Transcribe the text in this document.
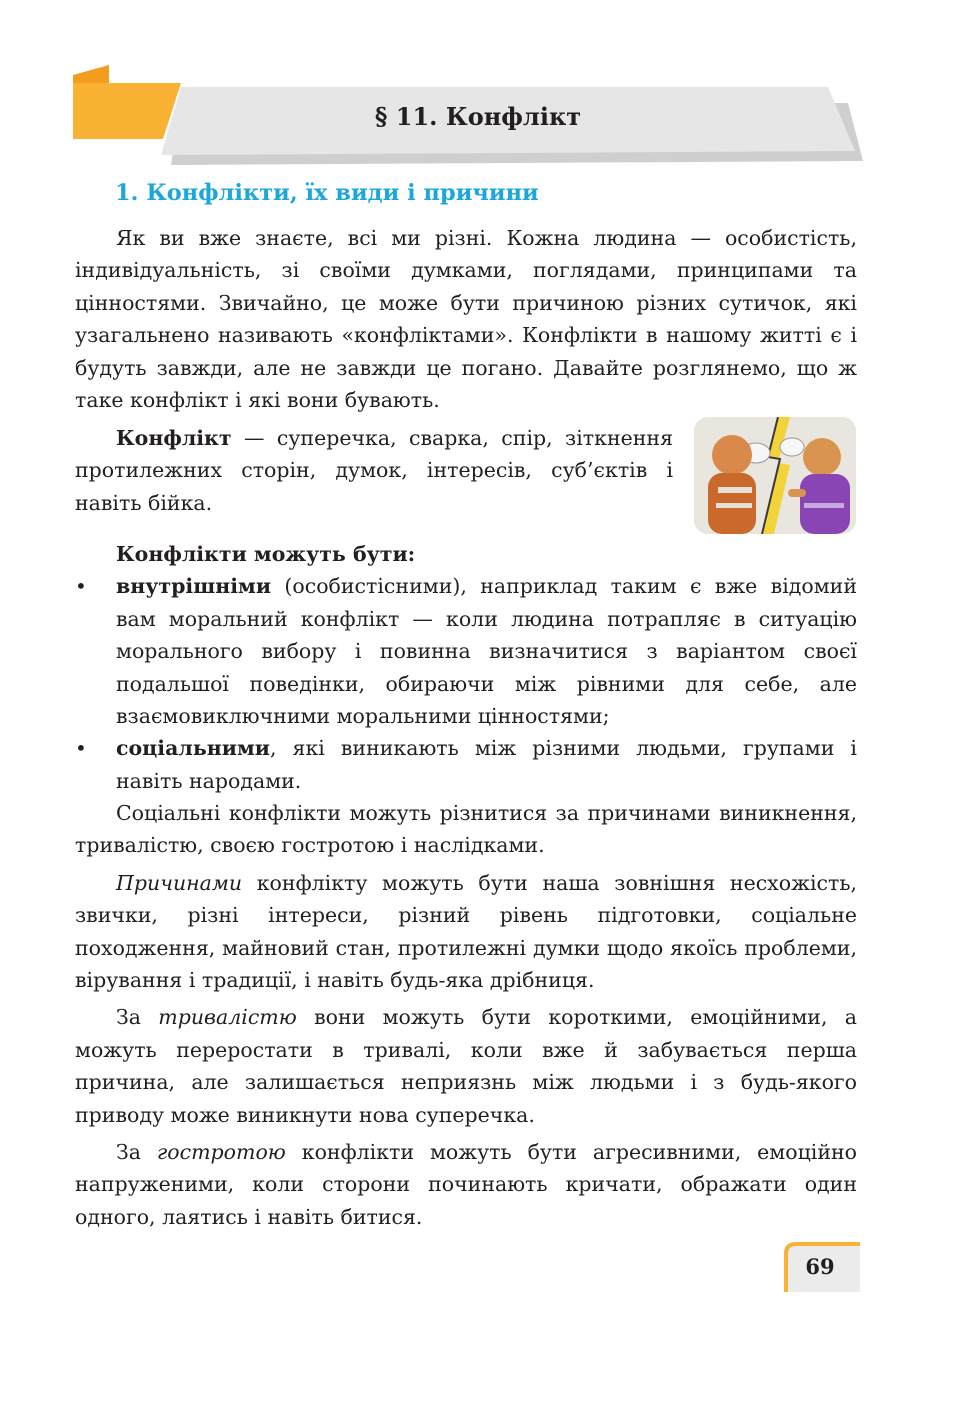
§ 11. Конфлікт
1. Конфлікти, їх види і причини

Як ви вже знаєте, всі ми різні. Кожна людина — особистість, індивідуальність, зі своїми думками, поглядами, принципами та цінностями. Звичайно, це може бути причиною різних сутичок, які узагальнено називають «конфліктами». Конфлікти в нашому житті є і будуть завжди, але не завжди це погано. Давайте розглянемо, що ж таке конфлікт і які вони бувають.

Конфлікт — суперечка, сварка, спір, зіткнення протилежних сторін, думок, інтересів, суб’єктів і навіть бійка.

Конфлікти можуть бути:

• внутрішніми (особистісними), наприклад таким є вже відомий вам моральний конфлікт — коли людина потрапляє в ситуацію морального вибору і повинна визначитися з варіантом своєї подальшої поведінки, обираючи між рівними для себе, але взаємовиключними моральними цінностями;
• соціальними, які виникають між різними людьми, групами і навіть народами.

Соціальні конфлікти можуть різнитися за причинами виникнення, тривалістю, своєю гостротою і наслідками.

Причинами конфлікту можуть бути наша зовнішня несхожість, звички, різні інтереси, різний рівень підготовки, соціальне походження, майновий стан, протилежні думки щодо якоїсь проблеми, вірування і традиції, і навіть будь-яка дрібниця.

За тривалістю вони можуть бути короткими, емоційними, а можуть переростати в тривалі, коли вже й забувається перша причина, але залишається неприязнь між людьми і з будь-якого приводу може виникнути нова суперечка.

За гостротою конфлікти можуть бути агресивними, емоційно напруженими, коли сторони починають кричати, ображати один одного, лаятись і навіть битися.

69
